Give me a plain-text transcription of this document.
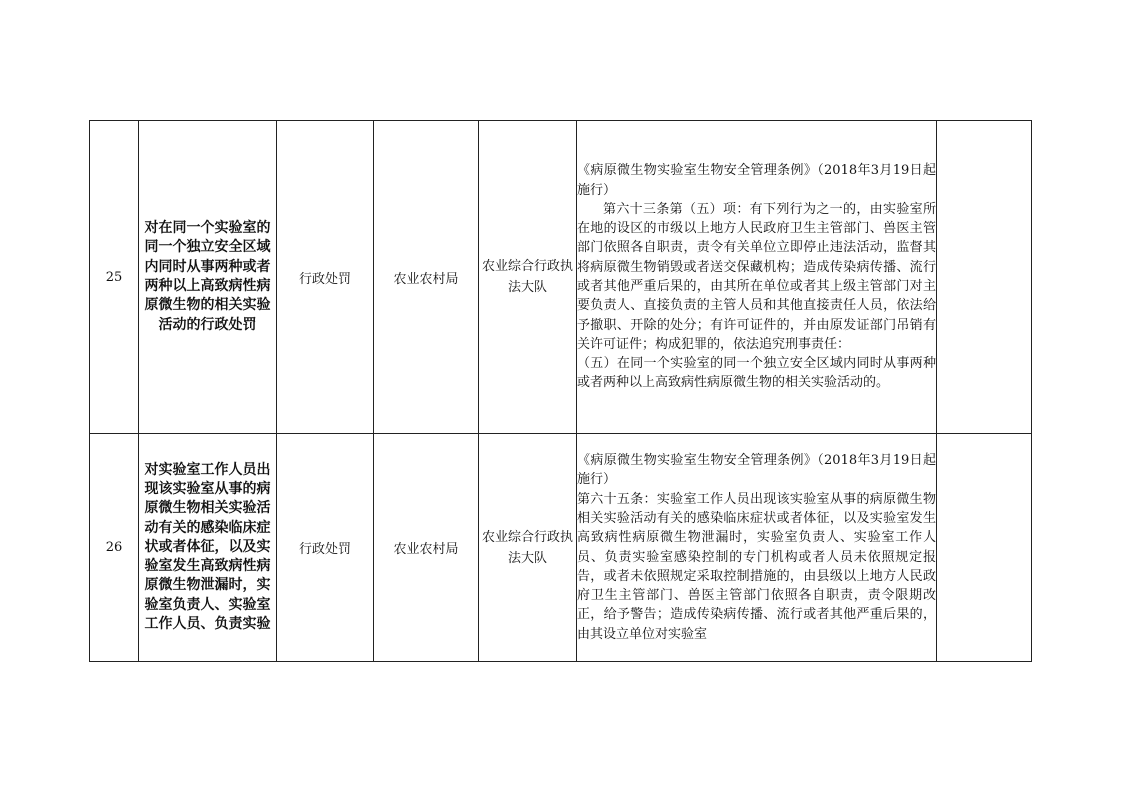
25	对在同一个实验室的同一个独立安全区域内同时从事两种或者两种以上高致病性病原微生物的相关实验活动的行政处罚	行政处罚	农业农村局	农业综合行政执法大队	《病原微生物实验室生物安全管理条例》（2018年3月19日起施行）
第六十三条第（五）项：有下列行为之一的，由实验室所在地的设区的市级以上地方人民政府卫生主管部门、兽医主管部门依照各自职责，责令有关单位立即停止违法活动，监督其将病原微生物销毁或者送交保藏机构；造成传染病传播、流行或者其他严重后果的，由其所在单位或者其上级主管部门对主要负责人、直接负责的主管人员和其他直接责任人员，依法给予撤职、开除的处分；有许可证件的，并由原发证部门吊销有关许可证件；构成犯罪的，依法追究刑事责任：
（五）在同一个实验室的同一个独立安全区域内同时从事两种或者两种以上高致病性病原微生物的相关实验活动的。	

26	对实验室工作人员出现该实验室从事的病原微生物相关实验活动有关的感染临床症状或者体征，以及实验室发生高致病性病原微生物泄漏时，实验室负责人、实验室工作人员、负责实验	行政处罚	农业农村局	农业综合行政执法大队	《病原微生物实验室生物安全管理条例》（2018年3月19日起施行）
第六十五条：实验室工作人员出现该实验室从事的病原微生物相关实验活动有关的感染临床症状或者体征，以及实验室发生高致病性病原微生物泄漏时，实验室负责人、实验室工作人员、负责实验室感染控制的专门机构或者人员未依照规定报告，或者未依照规定采取控制措施的，由县级以上地方人民政府卫生主管部门、兽医主管部门依照各自职责，责令限期改正，给予警告；造成传染病传播、流行或者其他严重后果的，由其设立单位对实验室	
